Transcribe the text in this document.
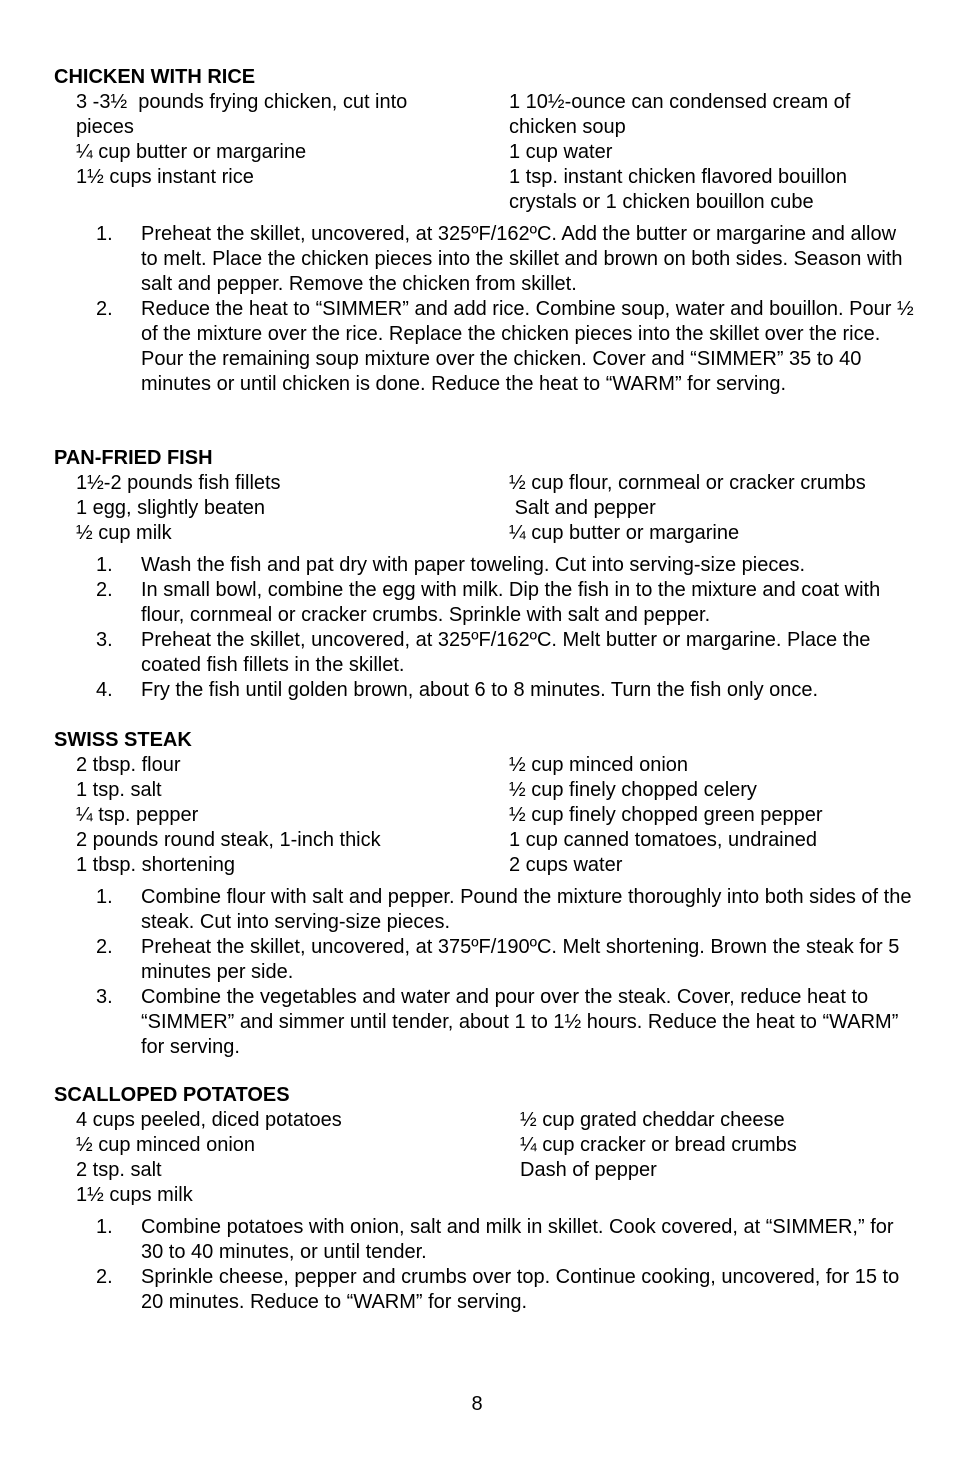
CHICKEN WITH RICE
3 -3½  pounds frying chicken, cut into
pieces
¼ cup butter or margarine
1½ cups instant rice
1 10½-ounce can condensed cream of
chicken soup
1 cup water
1 tsp. instant chicken flavored bouillon
crystals or 1 chicken bouillon cube
1. Preheat the skillet, uncovered, at 325ºF/162ºC. Add the butter or margarine and allow to melt. Place the chicken pieces into the skillet and brown on both sides. Season with salt and pepper. Remove the chicken from skillet.
2. Reduce the heat to “SIMMER” and add rice. Combine soup, water and bouillon. Pour ½ of the mixture over the rice. Replace the chicken pieces into the skillet over the rice. Pour the remaining soup mixture over the chicken. Cover and “SIMMER” 35 to 40 minutes or until chicken is done. Reduce the heat to “WARM” for serving.
PAN-FRIED FISH
1½-2 pounds fish fillets
1 egg, slightly beaten
½ cup milk
½ cup flour, cornmeal or cracker crumbs
Salt and pepper
¼ cup butter or margarine
1. Wash the fish and pat dry with paper toweling. Cut into serving-size pieces.
2. In small bowl, combine the egg with milk. Dip the fish in to the mixture and coat with flour, cornmeal or cracker crumbs. Sprinkle with salt and pepper.
3. Preheat the skillet, uncovered, at 325ºF/162ºC. Melt butter or margarine. Place the coated fish fillets in the skillet.
4. Fry the fish until golden brown, about 6 to 8 minutes. Turn the fish only once.
SWISS STEAK
2 tbsp. flour
1 tsp. salt
¼ tsp. pepper
2 pounds round steak, 1-inch thick
1 tbsp. shortening
½ cup minced onion
½ cup finely chopped celery
½ cup finely chopped green pepper
1 cup canned tomatoes, undrained
2 cups water
1. Combine flour with salt and pepper. Pound the mixture thoroughly into both sides of the steak. Cut into serving-size pieces.
2. Preheat the skillet, uncovered, at 375ºF/190ºC. Melt shortening. Brown the steak for 5 minutes per side.
3. Combine the vegetables and water and pour over the steak. Cover, reduce heat to “SIMMER” and simmer until tender, about 1 to 1½ hours. Reduce the heat to “WARM” for serving.
SCALLOPED POTATOES
4 cups peeled, diced potatoes
½ cup minced onion
2 tsp. salt
1½ cups milk
½ cup grated cheddar cheese
¼ cup cracker or bread crumbs
Dash of pepper
1. Combine potatoes with onion, salt and milk in skillet. Cook covered, at “SIMMER,” for 30 to 40 minutes, or until tender.
2. Sprinkle cheese, pepper and crumbs over top. Continue cooking, uncovered, for 15 to 20 minutes. Reduce to “WARM” for serving.
8
